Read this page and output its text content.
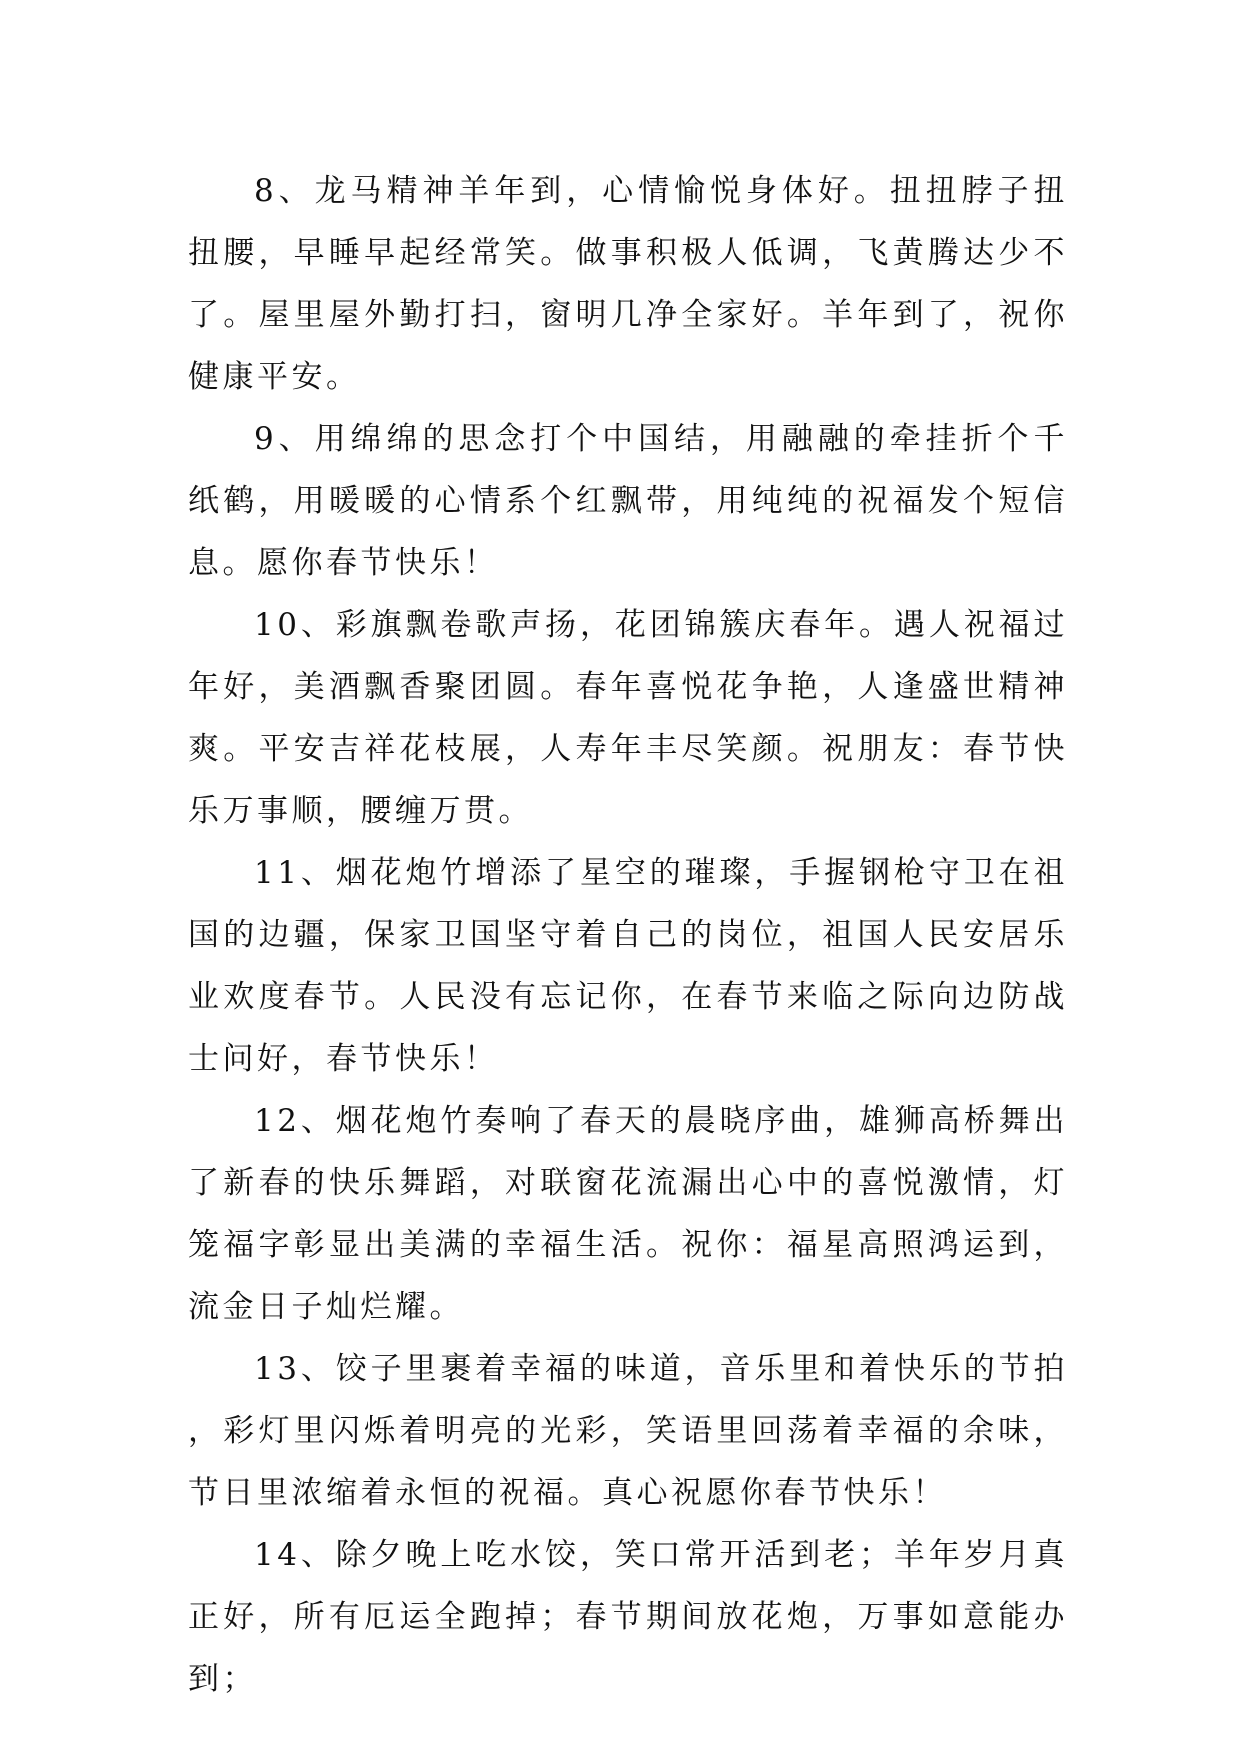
8、龙马精神羊年到，心情愉悦身体好。扭扭脖子扭扭腰，早睡早起经常笑。做事积极人低调，飞黄腾达少不了。屋里屋外勤打扫，窗明几净全家好。羊年到了，祝你健康平安。

9、用绵绵的思念打个中国结，用融融的牵挂折个千纸鹤，用暖暖的心情系个红飘带，用纯纯的祝福发个短信息。愿你春节快乐！

10、彩旗飘卷歌声扬，花团锦簇庆春年。遇人祝福过年好，美酒飘香聚团圆。春年喜悦花争艳，人逢盛世精神爽。平安吉祥花枝展，人寿年丰尽笑颜。祝朋友：春节快乐万事顺，腰缠万贯。

11、烟花炮竹增添了星空的璀璨，手握钢枪守卫在祖国的边疆，保家卫国坚守着自己的岗位，祖国人民安居乐业欢度春节。人民没有忘记你，在春节来临之际向边防战士问好，春节快乐！

12、烟花炮竹奏响了春天的晨晓序曲，雄狮高桥舞出了新春的快乐舞蹈，对联窗花流漏出心中的喜悦激情，灯笼福字彰显出美满的幸福生活。祝你：福星高照鸿运到，流金日子灿烂耀。

13、饺子里裹着幸福的味道，音乐里和着快乐的节拍，彩灯里闪烁着明亮的光彩，笑语里回荡着幸福的余味，节日里浓缩着永恒的祝福。真心祝愿你春节快乐！

14、除夕晚上吃水饺，笑口常开活到老；羊年岁月真正好，所有厄运全跑掉；春节期间放花炮，万事如意能办到；
